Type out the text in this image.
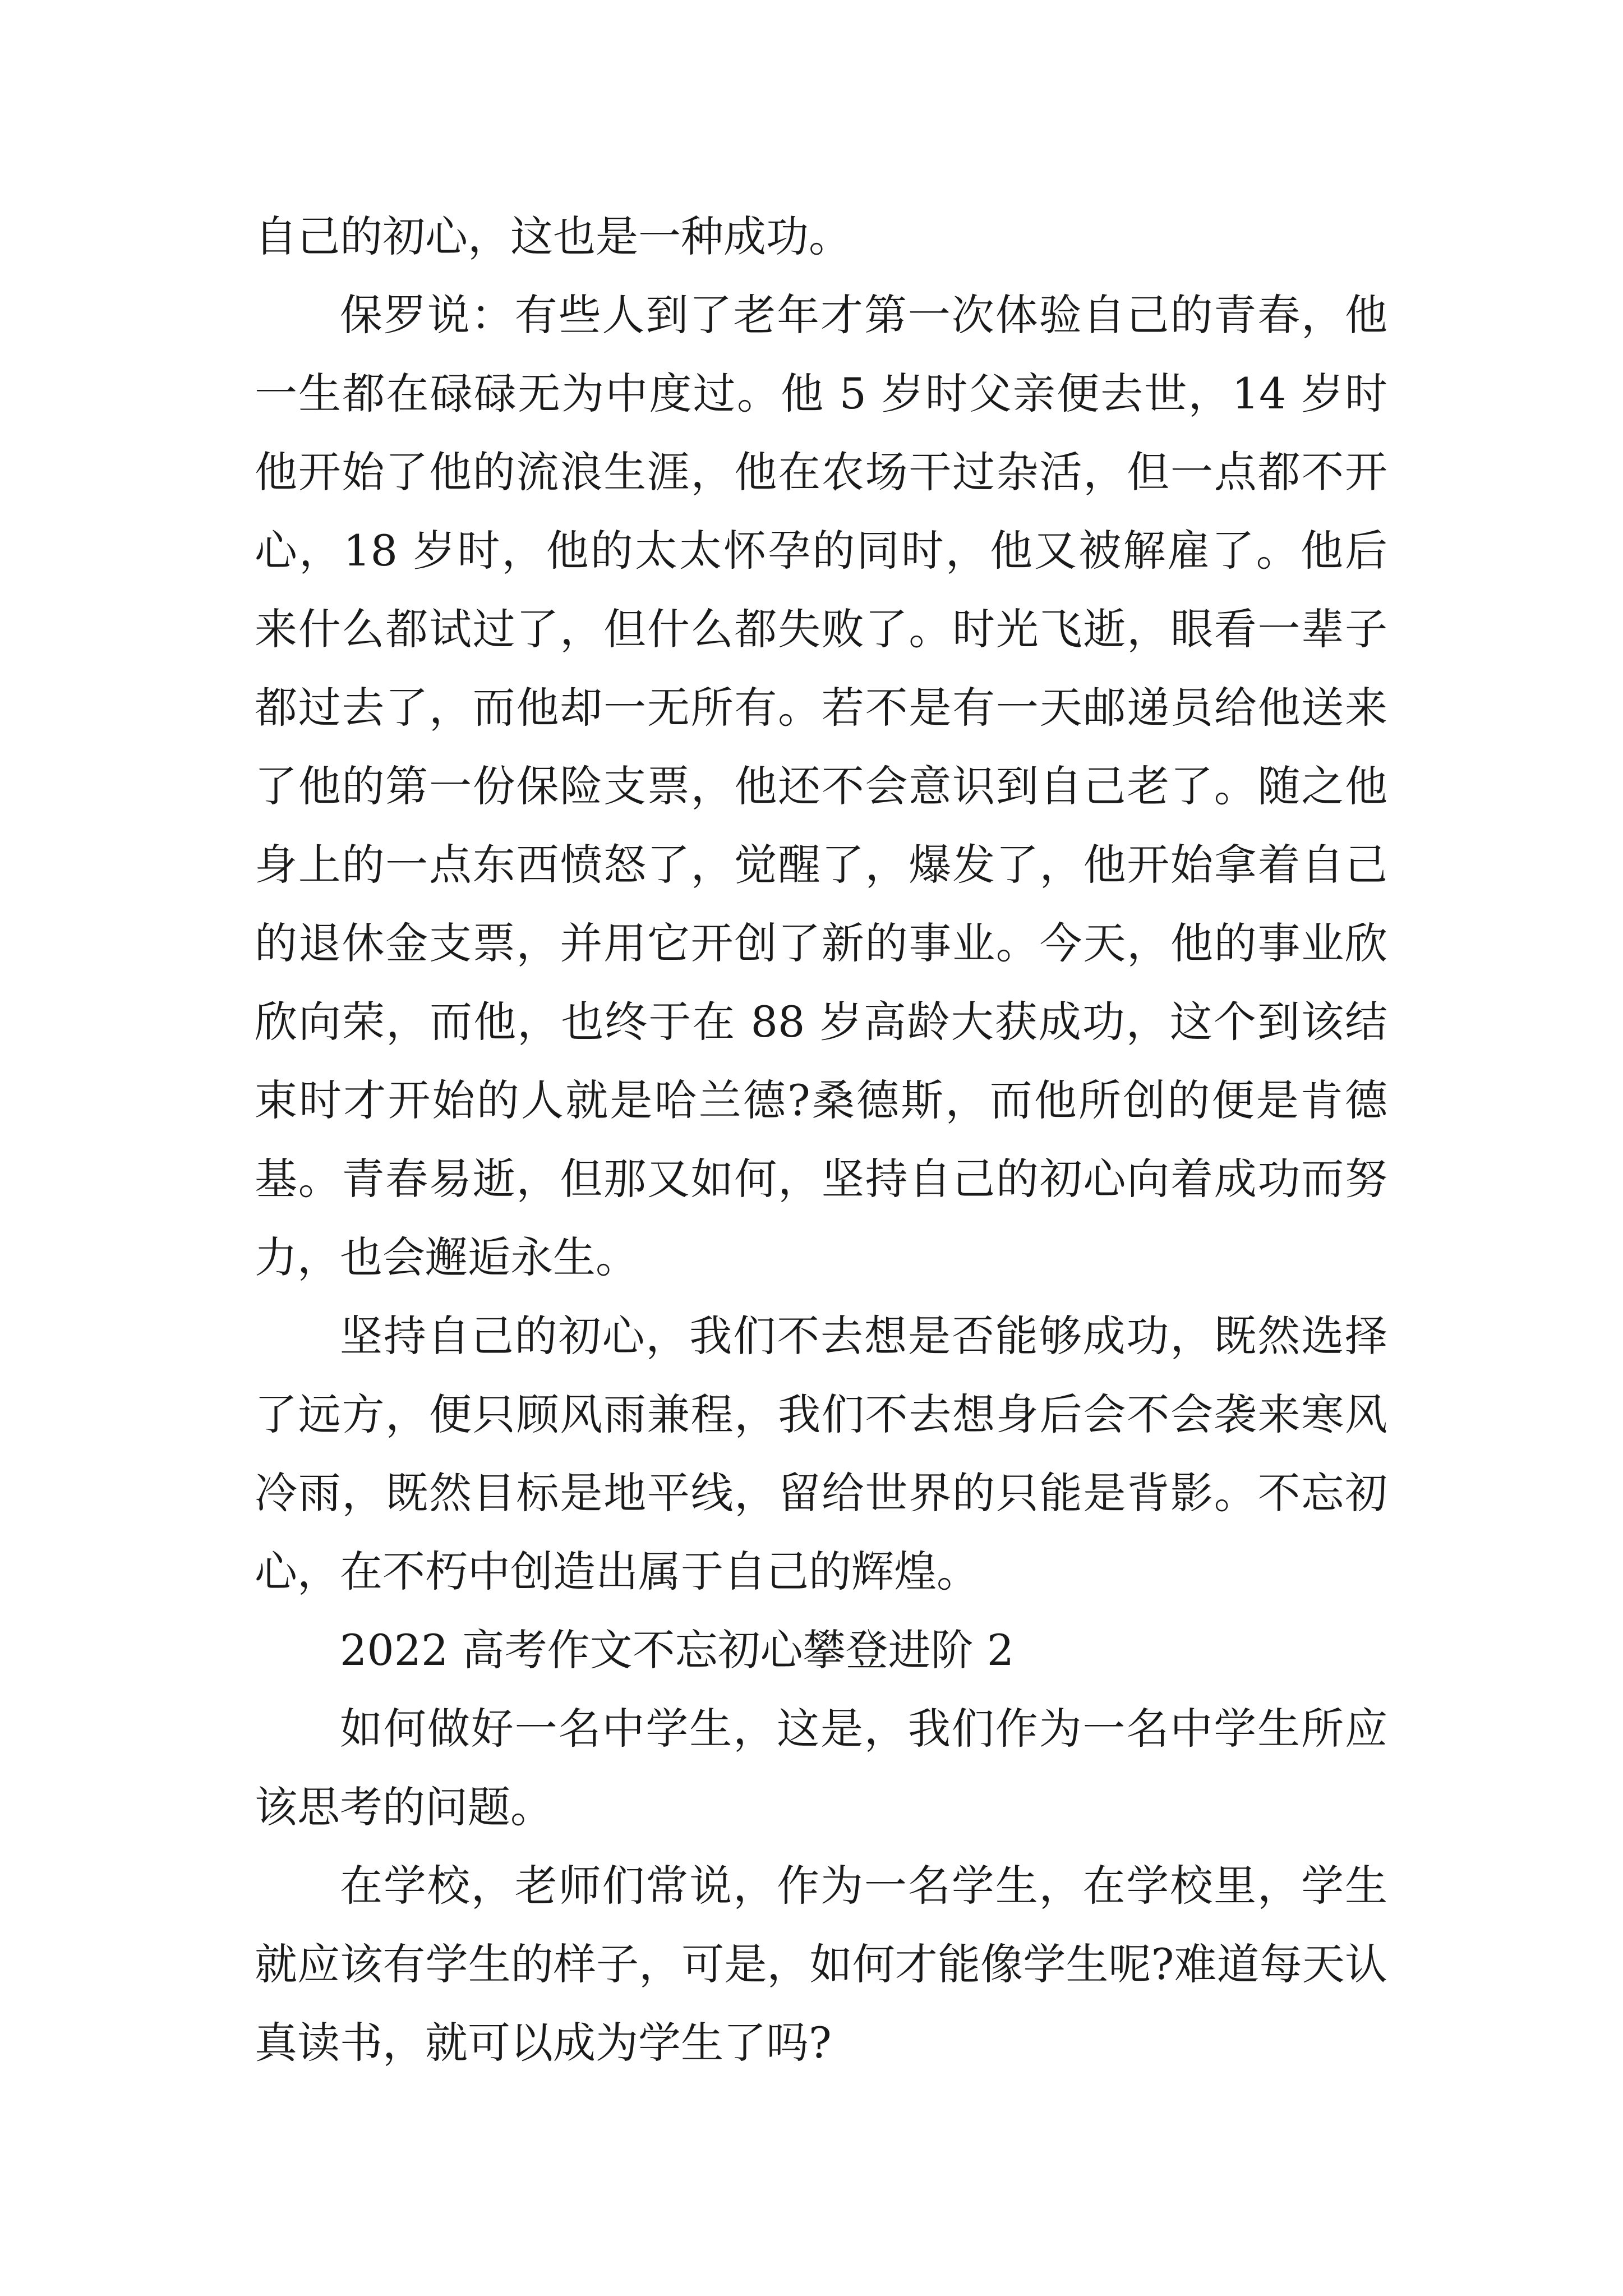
自己的初心，这也是一种成功。

保罗说：有些人到了老年才第一次体验自己的青春，他一生都在碌碌无为中度过。他 5 岁时父亲便去世，14 岁时他开始了他的流浪生涯，他在农场干过杂活，但一点都不开心，18 岁时，他的太太怀孕的同时，他又被解雇了。他后来什么都试过了，但什么都失败了。时光飞逝，眼看一辈子都过去了，而他却一无所有。若不是有一天邮递员给他送来了他的第一份保险支票，他还不会意识到自己老了。随之他身上的一点东西愤怒了，觉醒了，爆发了，他开始拿着自己的退休金支票，并用它开创了新的事业。今天，他的事业欣欣向荣，而他，也终于在 88 岁高龄大获成功，这个到该结束时才开始的人就是哈兰德?桑德斯，而他所创的便是肯德基。青春易逝，但那又如何，坚持自己的初心向着成功而努力，也会邂逅永生。

坚持自己的初心，我们不去想是否能够成功，既然选择了远方，便只顾风雨兼程，我们不去想身后会不会袭来寒风冷雨，既然目标是地平线，留给世界的只能是背影。不忘初心，在不朽中创造出属于自己的辉煌。

2022 高考作文不忘初心攀登进阶 2

如何做好一名中学生，这是，我们作为一名中学生所应该思考的问题。

在学校，老师们常说，作为一名学生，在学校里，学生就应该有学生的样子，可是，如何才能像学生呢?难道每天认真读书，就可以成为学生了吗?
